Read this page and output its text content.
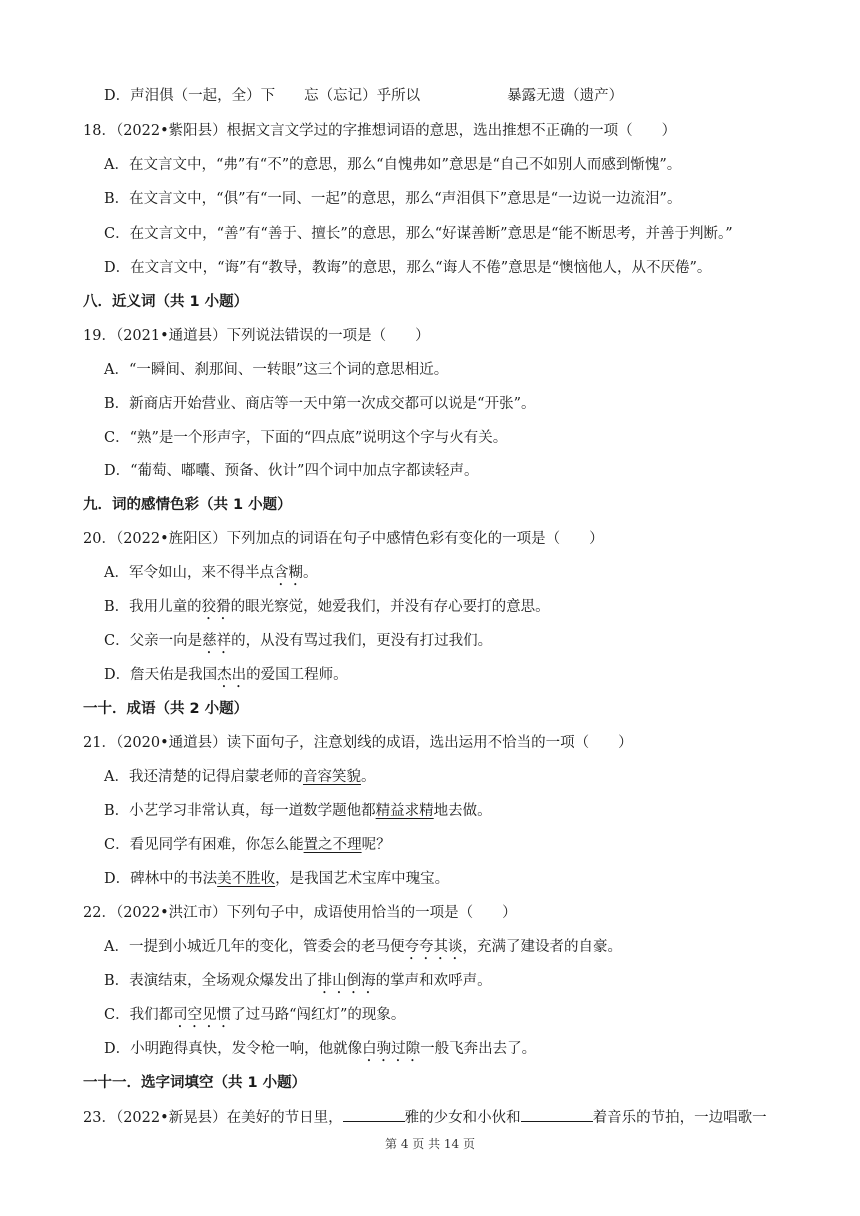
D．声泪俱（一起，全）下　　忘（忘记）乎所以　　　　　　暴露无遗（遗产）
18．（2022•紫阳县）根据文言文学过的字推想词语的意思，选出推想不正确的一项（　　）
A．在文言文中，“弗”有“不”的意思，那么“自愧弗如”意思是“自己不如别人而感到惭愧”。
B．在文言文中，“俱”有“一同、一起”的意思，那么“声泪俱下”意思是“一边说一边流泪”。
C．在文言文中，“善”有“善于、擅长”的意思，那么“好谋善断”意思是“能不断思考，并善于判断。”
D．在文言文中，“诲”有“教导，教诲”的意思，那么“诲人不倦”意思是“懊恼他人，从不厌倦”。
八．近义词（共 1 小题）
19．（2021•通道县）下列说法错误的一项是（　　）
A．“一瞬间、刹那间、一转眼”这三个词的意思相近。
B．新商店开始营业、商店等一天中第一次成交都可以说是“开张”。
C．“熟”是一个形声字，下面的“四点底”说明这个字与火有关。
D．“葡萄、嘟囔、预备、伙计”四个词中加点字都读轻声。
九．词的感情色彩（共 1 小题）
20．（2022•旌阳区）下列加点的词语在句子中感情色彩有变化的一项是（　　）
A．军令如山，来不得半点含糊。
B．我用儿童的狡猾的眼光察觉，她爱我们，并没有存心要打的意思。
C．父亲一向是慈祥的，从没有骂过我们，更没有打过我们。
D．詹天佑是我国杰出的爱国工程师。
一十．成语（共 2 小题）
21．（2020•通道县）读下面句子，注意划线的成语，选出运用不恰当的一项（　　）
A．我还清楚的记得启蒙老师的音容笑貌。
B．小艺学习非常认真，每一道数学题他都精益求精地去做。
C．看见同学有困难，你怎么能置之不理呢？
D．碑林中的书法美不胜收，是我国艺术宝库中瑰宝。
22．（2022•洪江市）下列句子中，成语使用恰当的一项是（　　）
A．一提到小城近几年的变化，管委会的老马便夸夸其谈，充满了建设者的自豪。
B．表演结束，全场观众爆发出了排山倒海的掌声和欢呼声。
C．我们都司空见惯了过马路“闯红灯”的现象。
D．小明跑得真快，发令枪一响，他就像白驹过隙一般飞奔出去了。
一十一．选字词填空（共 1 小题）
23．（2022•新晃县）在美好的节日里，	雅的少女和小伙和	着音乐的节拍，一边唱歌一
第 4 页 共 14 页
